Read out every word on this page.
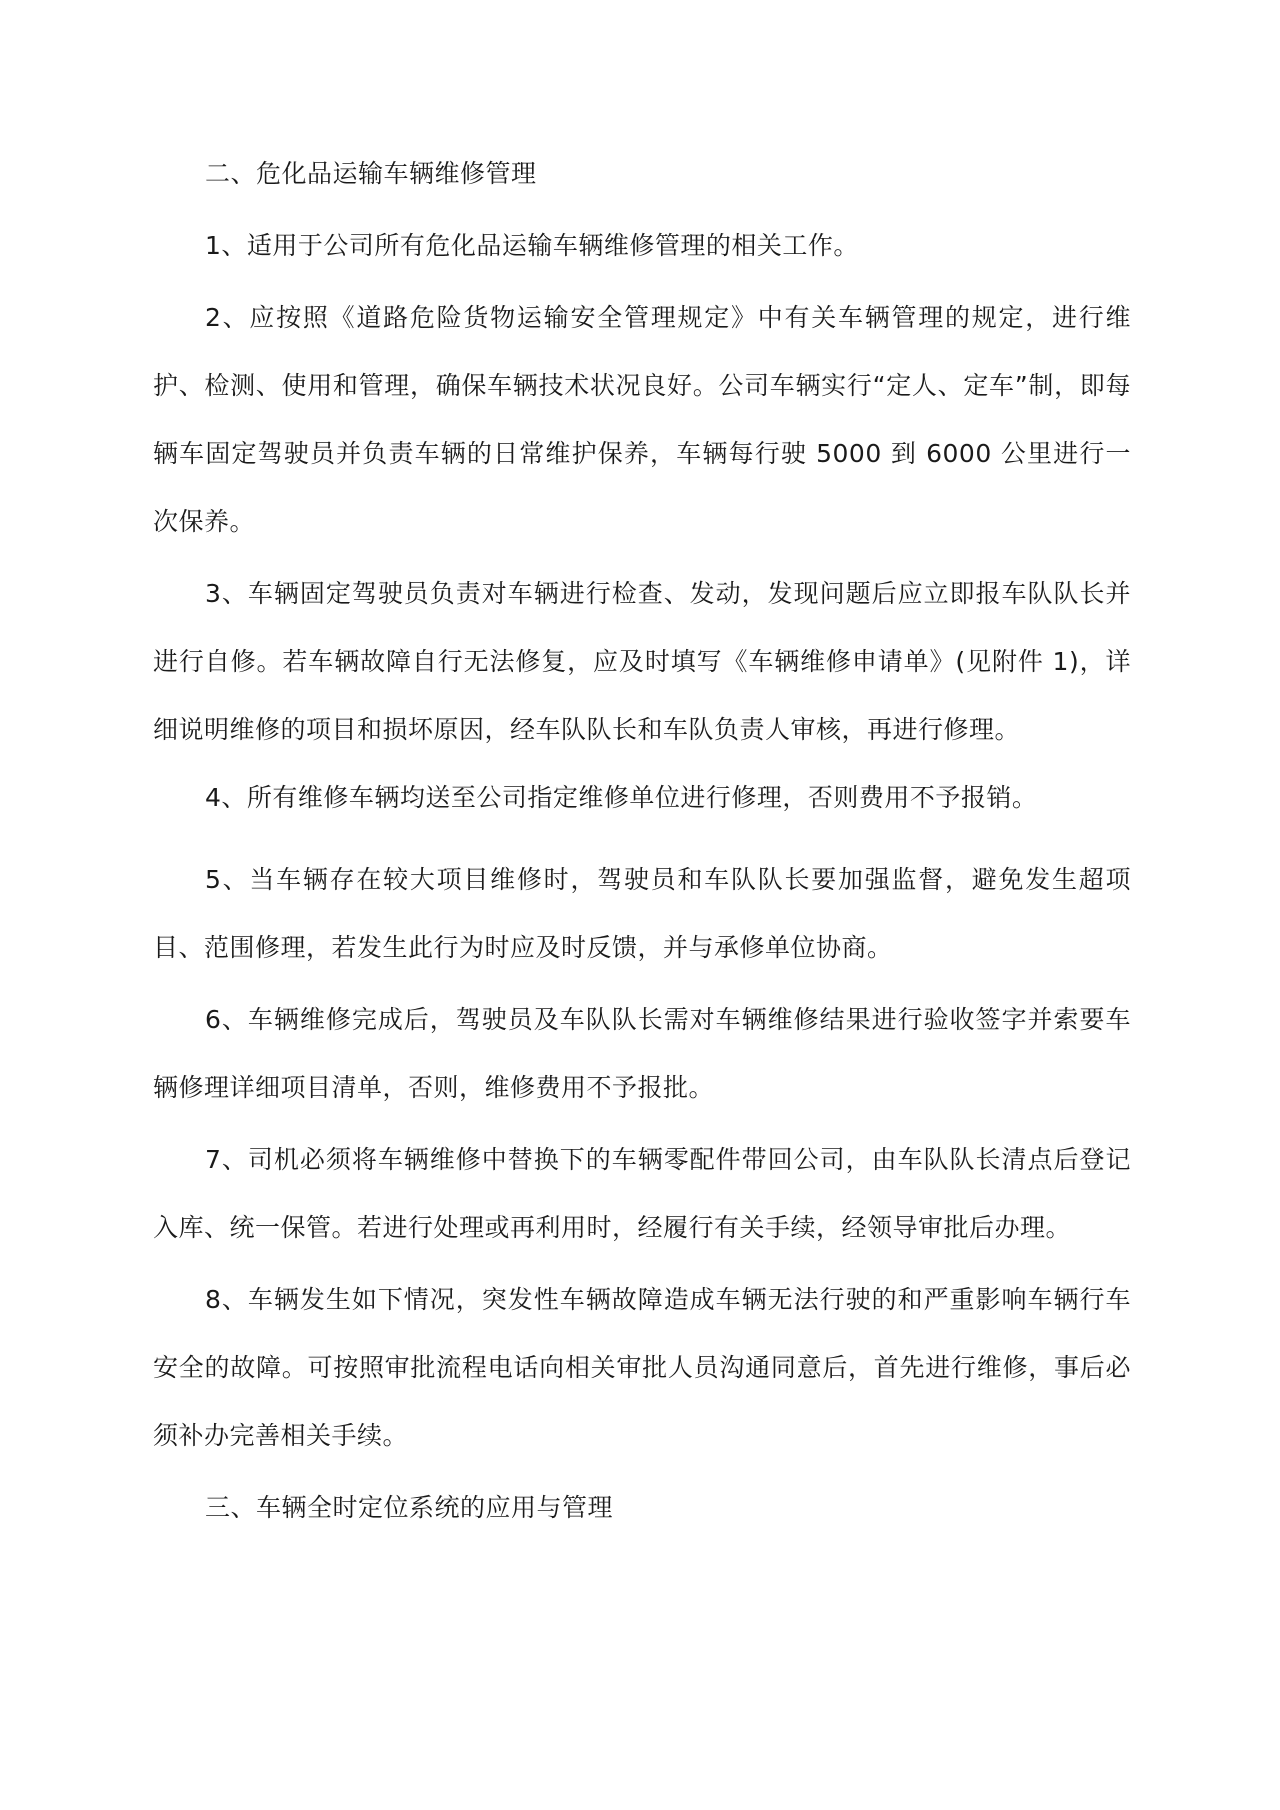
二、危化品运输车辆维修管理

1、适用于公司所有危化品运输车辆维修管理的相关工作。

2、应按照《道路危险货物运输安全管理规定》中有关车辆管理的规定，进行维护、检测、使用和管理，确保车辆技术状况良好。公司车辆实行“定人、定车”制，即每辆车固定驾驶员并负责车辆的日常维护保养，车辆每行驶 5000 到 6000 公里进行一次保养。

3、车辆固定驾驶员负责对车辆进行检查、发动，发现问题后应立即报车队队长并进行自修。若车辆故障自行无法修复，应及时填写《车辆维修申请单》(见附件 1)，详细说明维修的项目和损坏原因，经车队队长和车队负责人审核，再进行修理。

4、所有维修车辆均送至公司指定维修单位进行修理，否则费用不予报销。

5、当车辆存在较大项目维修时，驾驶员和车队队长要加强监督，避免发生超项目、范围修理，若发生此行为时应及时反馈，并与承修单位协商。

6、车辆维修完成后，驾驶员及车队队长需对车辆维修结果进行验收签字并索要车辆修理详细项目清单，否则，维修费用不予报批。

7、司机必须将车辆维修中替换下的车辆零配件带回公司，由车队队长清点后登记入库、统一保管。若进行处理或再利用时，经履行有关手续，经领导审批后办理。

8、车辆发生如下情况，突发性车辆故障造成车辆无法行驶的和严重影响车辆行车安全的故障。可按照审批流程电话向相关审批人员沟通同意后，首先进行维修，事后必须补办完善相关手续。

三、车辆全时定位系统的应用与管理
